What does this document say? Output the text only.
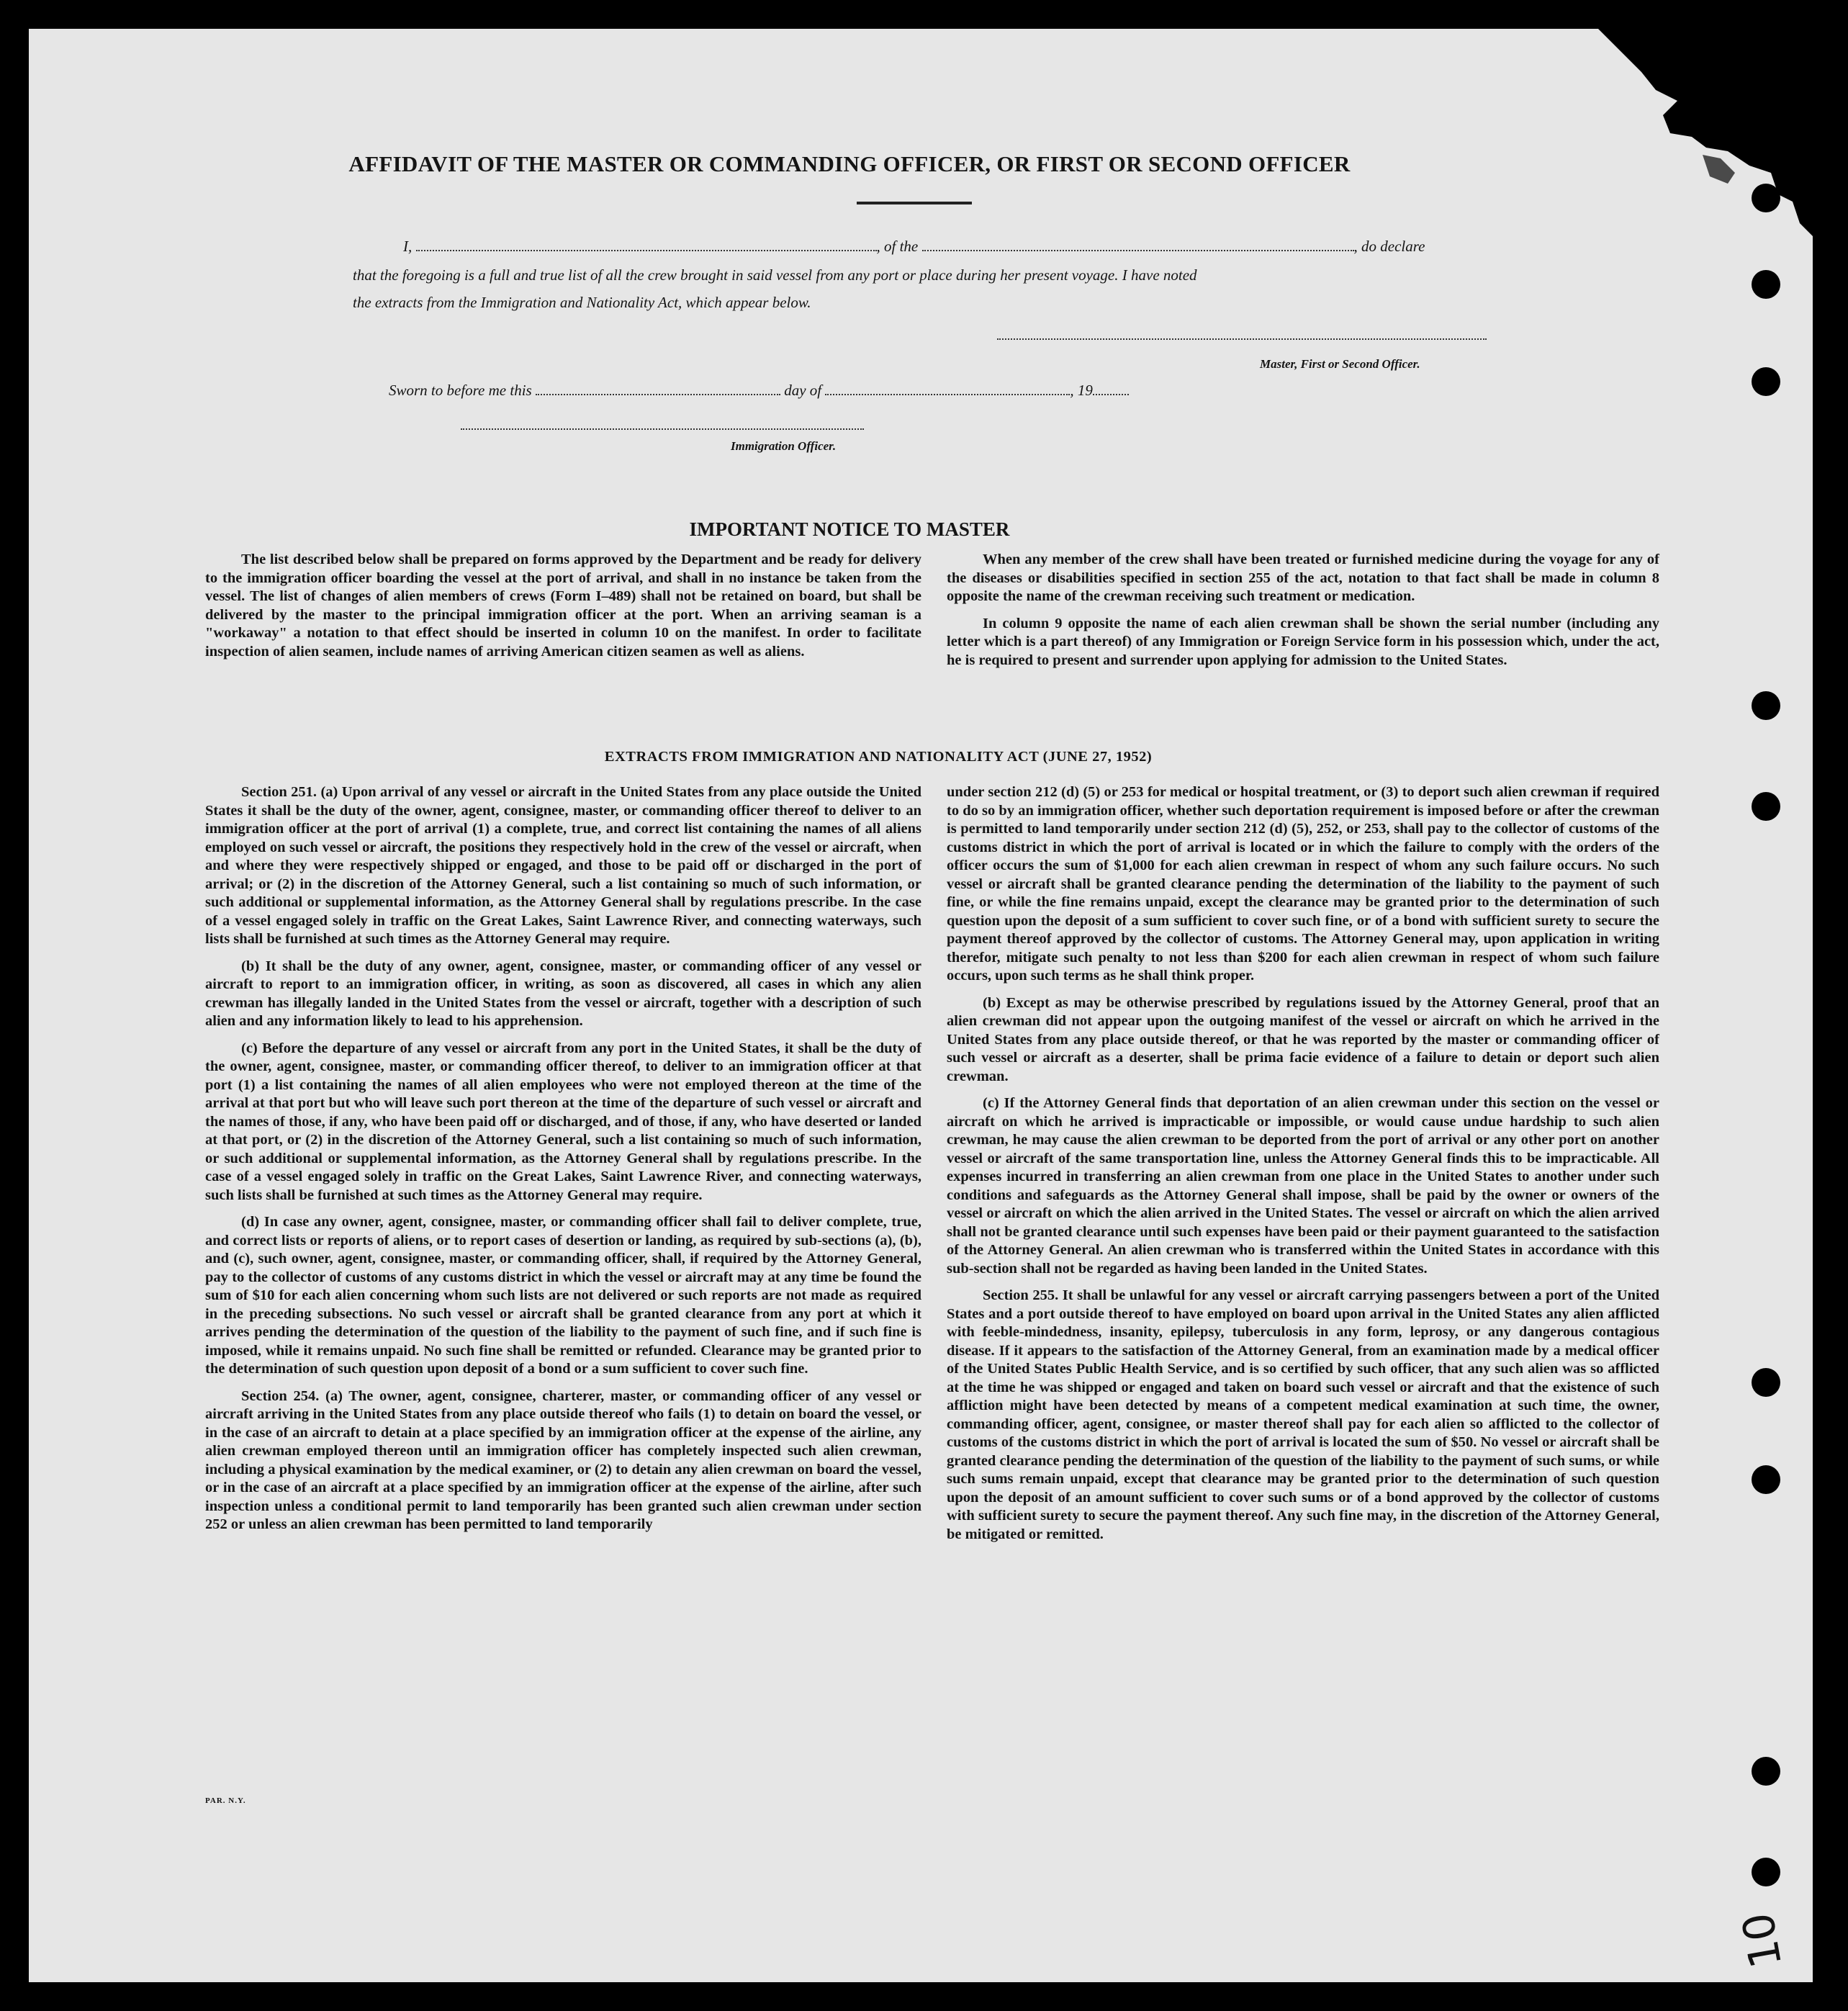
AFFIDAVIT OF THE MASTER OR COMMANDING OFFICER, OR FIRST OR SECOND OFFICER
I,	, of the	, do declare
that the foregoing is a full and true list of all the crew brought in said vessel from any port or place during her present voyage. I have noted
the extracts from the Immigration and Nationality Act, which appear below.
Master, First or Second Officer.
Sworn to before me this	day of	, 19
Immigration Officer.
IMPORTANT NOTICE TO MASTER

The list described below shall be prepared on forms approved by the Department and be ready for delivery to the immigration officer boarding the vessel at the port of arrival, and shall in no instance be taken from the vessel. The list of changes of alien members of crews (Form I–489) shall not be retained on board, but shall be delivered by the master to the principal immigration officer at the port. When an arriving seaman is a "workaway" a notation to that effect should be inserted in column 10 on the manifest. In order to facilitate inspection of alien seamen, include names of arriving American citizen seamen as well as aliens.

When any member of the crew shall have been treated or furnished medicine during the voyage for any of the diseases or disabilities specified in section 255 of the act, notation to that fact shall be made in column 8 opposite the name of the crewman receiving such treatment or medication.

In column 9 opposite the name of each alien crewman shall be shown the serial number (including any letter which is a part thereof) of any Immigration or Foreign Service form in his possession which, under the act, he is required to present and surrender upon applying for admission to the United States.

EXTRACTS FROM IMMIGRATION AND NATIONALITY ACT (JUNE 27, 1952)

Section 251. (a) Upon arrival of any vessel or aircraft in the United States from any place outside the United States it shall be the duty of the owner, agent, consignee, master, or commanding officer thereof to deliver to an immigration officer at the port of arrival (1) a complete, true, and correct list containing the names of all aliens employed on such vessel or aircraft, the positions they respectively hold in the crew of the vessel or aircraft, when and where they were respectively shipped or engaged, and those to be paid off or discharged in the port of arrival; or (2) in the discretion of the Attorney General, such a list containing so much of such information, or such additional or supplemental information, as the Attorney General shall by regulations prescribe. In the case of a vessel engaged solely in traffic on the Great Lakes, Saint Lawrence River, and connecting waterways, such lists shall be furnished at such times as the Attorney General may require.

(b) It shall be the duty of any owner, agent, consignee, master, or commanding officer of any vessel or aircraft to report to an immigration officer, in writing, as soon as discovered, all cases in which any alien crewman has illegally landed in the United States from the vessel or aircraft, together with a description of such alien and any information likely to lead to his apprehension.

(c) Before the departure of any vessel or aircraft from any port in the United States, it shall be the duty of the owner, agent, consignee, master, or commanding officer thereof, to deliver to an immigration officer at that port (1) a list containing the names of all alien employees who were not employed thereon at the time of the arrival at that port but who will leave such port thereon at the time of the departure of such vessel or aircraft and the names of those, if any, who have been paid off or discharged, and of those, if any, who have deserted or landed at that port, or (2) in the discretion of the Attorney General, such a list containing so much of such information, or such additional or supplemental information, as the Attorney General shall by regulations prescribe. In the case of a vessel engaged solely in traffic on the Great Lakes, Saint Lawrence River, and connecting waterways, such lists shall be furnished at such times as the Attorney General may require.

(d) In case any owner, agent, consignee, master, or commanding officer shall fail to deliver complete, true, and correct lists or reports of aliens, or to report cases of desertion or landing, as required by sub-sections (a), (b), and (c), such owner, agent, consignee, master, or commanding officer, shall, if required by the Attorney General, pay to the collector of customs of any customs district in which the vessel or aircraft may at any time be found the sum of $10 for each alien concerning whom such lists are not delivered or such reports are not made as required in the preceding subsections. No such vessel or aircraft shall be granted clearance from any port at which it arrives pending the determination of the question of the liability to the payment of such fine, and if such fine is imposed, while it remains unpaid. No such fine shall be remitted or refunded. Clearance may be granted prior to the determination of such question upon deposit of a bond or a sum sufficient to cover such fine.

Section 254. (a) The owner, agent, consignee, charterer, master, or commanding officer of any vessel or aircraft arriving in the United States from any place outside thereof who fails (1) to detain on board the vessel, or in the case of an aircraft to detain at a place specified by an immigration officer at the expense of the airline, any alien crewman employed thereon until an immigration officer has completely inspected such alien crewman, including a physical examination by the medical examiner, or (2) to detain any alien crewman on board the vessel, or in the case of an aircraft at a place specified by an immigration officer at the expense of the airline, after such inspection unless a conditional permit to land temporarily has been granted such alien crewman under section 252 or unless an alien crewman has been permitted to land temporarily

under section 212 (d) (5) or 253 for medical or hospital treatment, or (3) to deport such alien crewman if required to do so by an immigration officer, whether such deportation requirement is imposed before or after the crewman is permitted to land temporarily under section 212 (d) (5), 252, or 253, shall pay to the collector of customs of the customs district in which the port of arrival is located or in which the failure to comply with the orders of the officer occurs the sum of $1,000 for each alien crewman in respect of whom any such failure occurs. No such vessel or aircraft shall be granted clearance pending the determination of the liability to the payment of such fine, or while the fine remains unpaid, except the clearance may be granted prior to the determination of such question upon the deposit of a sum sufficient to cover such fine, or of a bond with sufficient surety to secure the payment thereof approved by the collector of customs. The Attorney General may, upon application in writing therefor, mitigate such penalty to not less than $200 for each alien crewman in respect of whom such failure occurs, upon such terms as he shall think proper.

(b) Except as may be otherwise prescribed by regulations issued by the Attorney General, proof that an alien crewman did not appear upon the outgoing manifest of the vessel or aircraft on which he arrived in the United States from any place outside thereof, or that he was reported by the master or commanding officer of such vessel or aircraft as a deserter, shall be prima facie evidence of a failure to detain or deport such alien crewman.

(c) If the Attorney General finds that deportation of an alien crewman under this section on the vessel or aircraft on which he arrived is impracticable or impossible, or would cause undue hardship to such alien crewman, he may cause the alien crewman to be deported from the port of arrival or any other port on another vessel or aircraft of the same transportation line, unless the Attorney General finds this to be impracticable. All expenses incurred in transferring an alien crewman from one place in the United States to another under such conditions and safeguards as the Attorney General shall impose, shall be paid by the owner or owners of the vessel or aircraft on which the alien arrived in the United States. The vessel or aircraft on which the alien arrived shall not be granted clearance until such expenses have been paid or their payment guaranteed to the satisfaction of the Attorney General. An alien crewman who is transferred within the United States in accordance with this sub-section shall not be regarded as having been landed in the United States.

Section 255. It shall be unlawful for any vessel or aircraft carrying passengers between a port of the United States and a port outside thereof to have employed on board upon arrival in the United States any alien afflicted with feeble-mindedness, insanity, epilepsy, tuberculosis in any form, leprosy, or any dangerous contagious disease. If it appears to the satisfaction of the Attorney General, from an examination made by a medical officer of the United States Public Health Service, and is so certified by such officer, that any such alien was so afflicted at the time he was shipped or engaged and taken on board such vessel or aircraft and that the existence of such affliction might have been detected by means of a competent medical examination at such time, the owner, commanding officer, agent, consignee, or master thereof shall pay for each alien so afflicted to the collector of customs of the customs district in which the port of arrival is located the sum of $50. No vessel or aircraft shall be granted clearance pending the determination of the question of the liability to the payment of such sums, or while such sums remain unpaid, except that clearance may be granted prior to the determination of such question upon the deposit of an amount sufficient to cover such sums or of a bond approved by the collector of customs with sufficient surety to secure the payment thereof. Any such fine may, in the discretion of the Attorney General, be mitigated or remitted.

PAR. N.Y.
10
